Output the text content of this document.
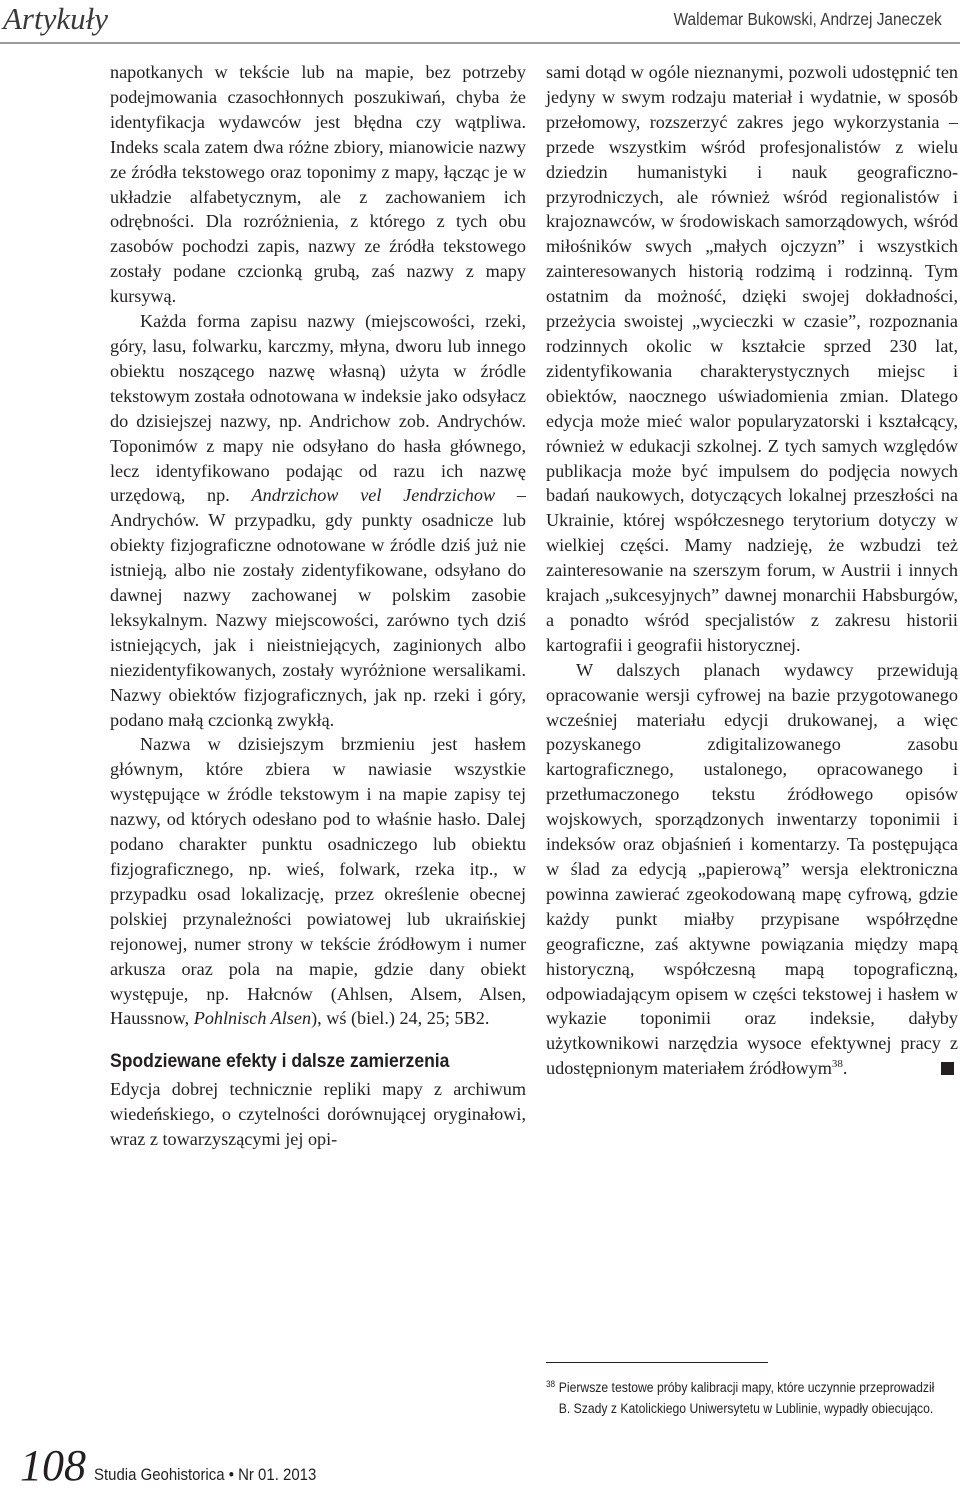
Artykuły	Waldemar Bukowski, Andrzej Janeczek

napotkanych w tekście lub na mapie, bez potrzeby podejmowania czasochłonnych poszukiwań, chyba że identyfikacja wydawców jest błędna czy wątpliwa. Indeks scala zatem dwa różne zbiory, mianowicie nazwy ze źródła tekstowego oraz toponimy z mapy, łącząc je w układzie alfabetycznym, ale z zachowaniem ich odrębności. Dla rozróżnienia, z którego z tych obu zasobów pochodzi zapis, nazwy ze źródła tekstowego zostały podane czcionką grubą, zaś nazwy z mapy kursywą.

Każda forma zapisu nazwy (miejscowości, rzeki, góry, lasu, folwarku, karczmy, młyna, dworu lub innego obiektu noszącego nazwę własną) użyta w źródle tekstowym została odnotowana w indeksie jako odsyłacz do dzisiejszej nazwy, np. Andrichow zob. Andrychów. Toponimów z mapy nie odsyłano do hasła głównego, lecz identyfikowano podając od razu ich nazwę urzędową, np. Andrzichow vel Jendrzichow – Andrychów. W przypadku, gdy punkty osadnicze lub obiekty fizjograficzne odnotowane w źródle dziś już nie istnieją, albo nie zostały zidentyfikowane, odsyłano do dawnej nazwy zachowanej w polskim zasobie leksykalnym. Nazwy miejscowości, zarówno tych dziś istniejących, jak i nieistniejących, zaginionych albo niezidentyfikowanych, zostały wyróżnione wersalikami. Nazwy obiektów fizjograficznych, jak np. rzeki i góry, podano małą czcionką zwykłą.

Nazwa w dzisiejszym brzmieniu jest hasłem głównym, które zbiera w nawiasie wszystkie występujące w źródle tekstowym i na mapie zapisy tej nazwy, od których odesłano pod to właśnie hasło. Dalej podano charakter punktu osadniczego lub obiektu fizjograficznego, np. wieś, folwark, rzeka itp., w przypadku osad lokalizację, przez określenie obecnej polskiej przynależności powiatowej lub ukraińskiej rejonowej, numer strony w tekście źródłowym i numer arkusza oraz pola na mapie, gdzie dany obiekt występuje, np. Hałcnów (Ahlsen, Alsem, Alsen, Haussnow, Pohlnisch Alsen), wś (biel.) 24, 25; 5B2.

Spodziewane efekty i dalsze zamierzenia

Edycja dobrej technicznie repliki mapy z archiwum wiedeńskiego, o czytelności dorównującej oryginałowi, wraz z towarzyszącymi jej opi-

sami dotąd w ogóle nieznanymi, pozwoli udostępnić ten jedyny w swym rodzaju materiał i wydatnie, w sposób przełomowy, rozszerzyć zakres jego wykorzystania – przede wszystkim wśród profesjonalistów z wielu dziedzin humanistyki i nauk geograficzno-przyrodniczych, ale również wśród regionalistów i krajoznawców, w środowiskach samorządowych, wśród miłośników swych „małych ojczyzn” i wszystkich zainteresowanych historią rodzimą i rodzinną. Tym ostatnim da możność, dzięki swojej dokładności, przeżycia swoistej „wycieczki w czasie”, rozpoznania rodzinnych okolic w kształcie sprzed 230 lat, zidentyfikowania charakterystycznych miejsc i obiektów, naocznego uświadomienia zmian. Dlatego edycja może mieć walor popularyzatorski i kształcący, również w edukacji szkolnej. Z tych samych względów publikacja może być impulsem do podjęcia nowych badań naukowych, dotyczących lokalnej przeszłości na Ukrainie, której współczesnego terytorium dotyczy w wielkiej części. Mamy nadzieję, że wzbudzi też zainteresowanie na szerszym forum, w Austrii i innych krajach „sukcesyjnych” dawnej monarchii Habsburgów, a ponadto wśród specjalistów z zakresu historii kartografii i geografii historycznej.

W dalszych planach wydawcy przewidują opracowanie wersji cyfrowej na bazie przygotowanego wcześniej materiału edycji drukowanej, a więc pozyskanego zdigitalizowanego zasobu kartograficznego, ustalonego, opracowanego i przetłumaczonego tekstu źródłowego opisów wojskowych, sporządzonych inwentarzy toponimii i indeksów oraz objaśnień i komentarzy. Ta postępująca w ślad za edycją „papierową” wersja elektroniczna powinna zawierać zgeokodowaną mapę cyfrową, gdzie każdy punkt miałby przypisane współrzędne geograficzne, zaś aktywne powiązania między mapą historyczną, współczesną mapą topograficzną, odpowiadającym opisem w części tekstowej i hasłem w wykazie toponimii oraz indeksie, dałyby użytkownikowi narzędzia wysoce efektywnej pracy z udostępnionym materiałem źródłowym$^{38}$.

38 Pierwsze testowe próby kalibracji mapy, które uczynnie przeprowadził
B. Szady z Katolickiego Uniwersytetu w Lublinie, wypadły obiecująco.
108 Studia Geohistorica • Nr 01. 2013
